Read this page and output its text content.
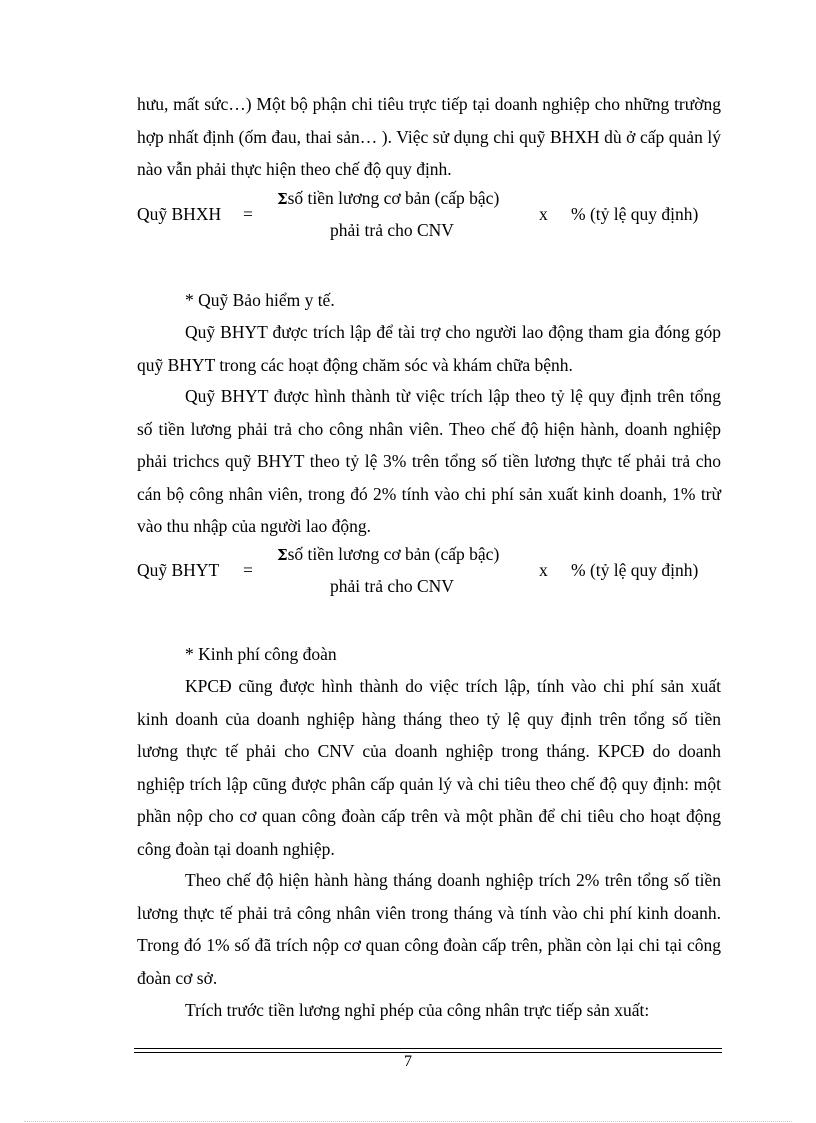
hưu, mất sức…) Một bộ phận chi tiêu trực tiếp tại doanh nghiệp cho những trường hợp nhất định (ốm đau, thai sản… ). Việc sử dụng chi quỹ BHXH dù ở cấp quản lý nào vẫn phải thực hiện theo chế độ quy định.

Quỹ BHXH =
Σsố tiền lương cơ bản (cấp bậc)
phải trả cho CNV
x % (tỷ lệ quy định)

* Quỹ Bảo hiểm y tế.

Quỹ BHYT được trích lập để tài trợ cho người lao động tham gia đóng góp quỹ BHYT trong các hoạt động chăm sóc và khám chữa bệnh.

Quỹ BHYT được hình thành từ việc trích lập theo tỷ lệ quy định trên tổng số tiền lương phải trả cho công nhân viên. Theo chế độ hiện hành, doanh nghiệp phải trichcs quỹ BHYT theo tỷ lệ 3% trên tổng số tiền lương thực tế phải trả cho cán bộ công nhân viên, trong đó 2% tính vào chi phí sản xuất kinh doanh, 1% trừ vào thu nhập của người lao động.

Quỹ BHYT =
Σsố tiền lương cơ bản (cấp bậc)
phải trả cho CNV
x % (tỷ lệ quy định)

* Kinh phí công đoàn

KPCĐ cũng được hình thành do việc trích lập, tính vào chi phí sản xuất kinh doanh của doanh nghiệp hàng tháng theo tỷ lệ quy định trên tổng số tiền lương thực tế phải cho CNV của doanh nghiệp trong tháng. KPCĐ do doanh nghiệp trích lập cũng được phân cấp quản lý và chi tiêu theo chế độ quy định: một phần nộp cho cơ quan công đoàn cấp trên và một phần để chi tiêu cho hoạt động công đoàn tại doanh nghiệp.

Theo chế độ hiện hành hàng tháng doanh nghiệp trích 2% trên tổng số tiền lương thực tế phải trả công nhân viên trong tháng và tính vào chi phí kinh doanh. Trong đó 1% số đã trích nộp cơ quan công đoàn cấp trên, phần còn lại chi tại công đoàn cơ sở.

Trích trước tiền lương nghỉ phép của công nhân trực tiếp sản xuất:

7
